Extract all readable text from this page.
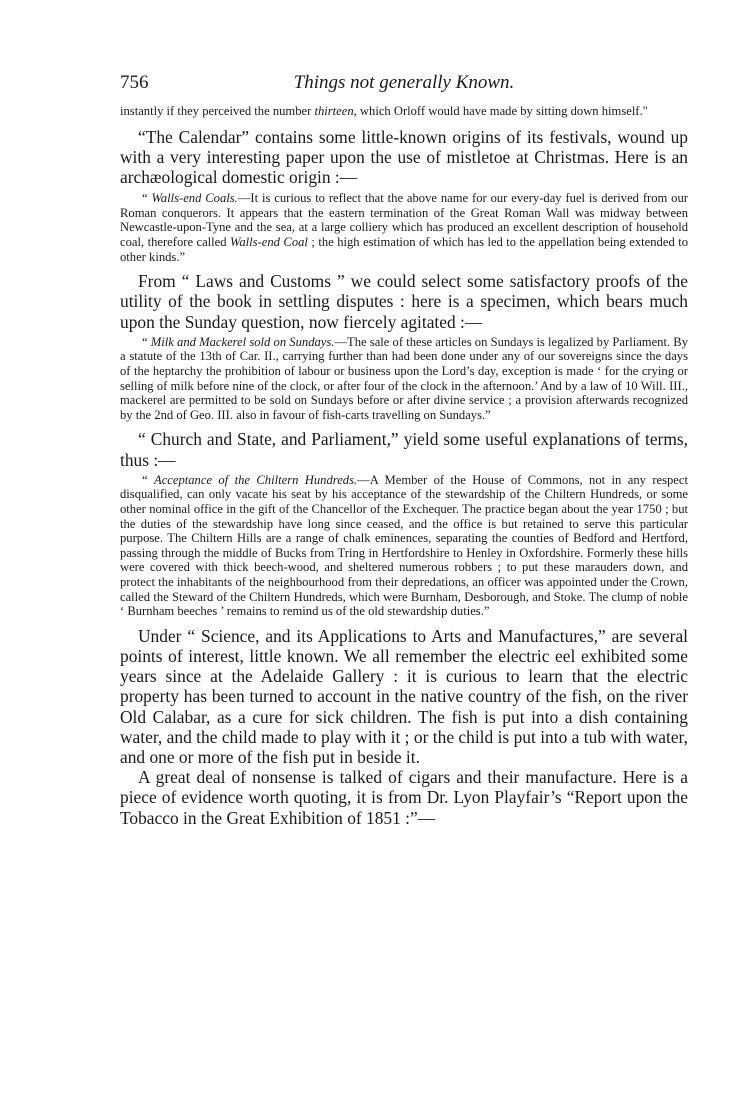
756	Things not generally Known.

instantly if they perceived the number thirteen, which Orloff would have made by sitting down himself."

“The Calendar” contains some little-known origins of its festivals, wound up with a very interesting paper upon the use of mistletoe at Christmas. Here is an archæological domestic origin :—

“ Walls-end Coals.—It is curious to reflect that the above name for our every-day fuel is derived from our Roman conquerors. It appears that the eastern termination of the Great Roman Wall was midway between Newcastle-upon-Tyne and the sea, at a large colliery which has produced an excellent description of household coal, therefore called Walls-end Coal ; the high estimation of which has led to the appellation being extended to other kinds.”

From “ Laws and Customs ” we could select some satisfactory proofs of the utility of the book in settling disputes : here is a specimen, which bears much upon the Sunday question, now fiercely agitated :—

“ Milk and Mackerel sold on Sundays.—The sale of these articles on Sundays is legalized by Parliament. By a statute of the 13th of Car. II., carrying further than had been done under any of our sovereigns since the days of the heptarchy the prohibition of labour or business upon the Lord’s day, exception is made ‘ for the crying or selling of milk before nine of the clock, or after four of the clock in the afternoon.’ And by a law of 10 Will. III., mackerel are permitted to be sold on Sundays before or after divine service ; a provision afterwards recognized by the 2nd of Geo. III. also in favour of fish-carts travelling on Sundays.”

“ Church and State, and Parliament,” yield some useful explanations of terms, thus :—

“ Acceptance of the Chiltern Hundreds.—A Member of the House of Commons, not in any respect disqualified, can only vacate his seat by his acceptance of the stewardship of the Chiltern Hundreds, or some other nominal office in the gift of the Chancellor of the Exchequer. The practice began about the year 1750 ; but the duties of the stewardship have long since ceased, and the office is but retained to serve this particular purpose. The Chiltern Hills are a range of chalk eminences, separating the counties of Bedford and Hertford, passing through the middle of Bucks from Tring in Hertfordshire to Henley in Oxfordshire. Formerly these hills were covered with thick beech-wood, and sheltered numerous robbers ; to put these marauders down, and protect the inhabitants of the neighbourhood from their depredations, an officer was appointed under the Crown, called the Steward of the Chiltern Hundreds, which were Burnham, Desborough, and Stoke. The clump of noble ‘ Burnham beeches ’ remains to remind us of the old stewardship duties.”

Under “ Science, and its Applications to Arts and Manufactures,” are several points of interest, little known. We all remember the electric eel exhibited some years since at the Adelaide Gallery : it is curious to learn that the electric property has been turned to account in the native country of the fish, on the river Old Calabar, as a cure for sick children. The fish is put into a dish containing water, and the child made to play with it ; or the child is put into a tub with water, and one or more of the fish put in beside it.

A great deal of nonsense is talked of cigars and their manufacture. Here is a piece of evidence worth quoting, it is from Dr. Lyon Playfair’s “Report upon the Tobacco in the Great Exhibition of 1851 :”—
